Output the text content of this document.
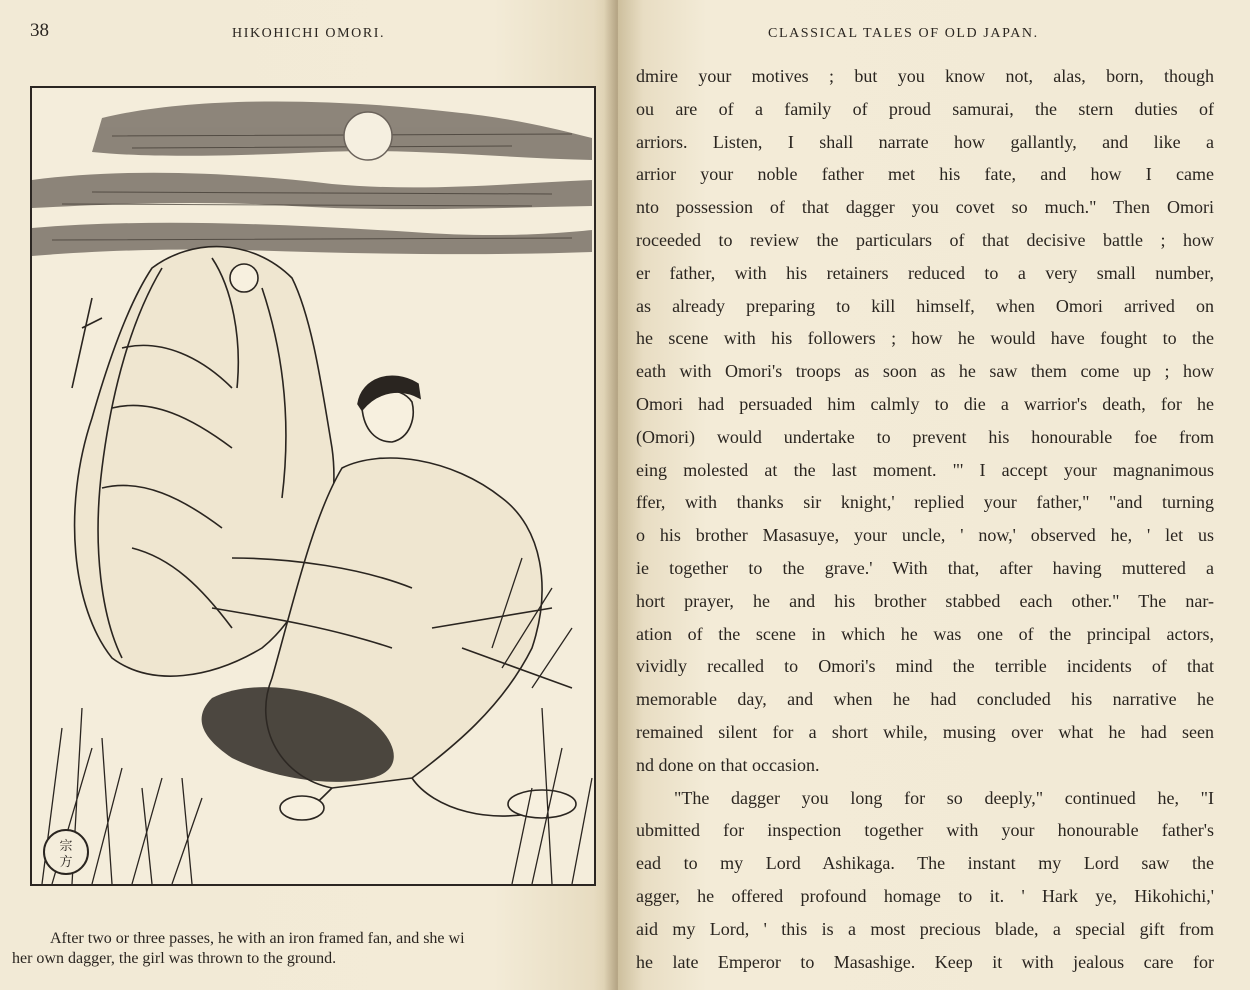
38	HIKOHICHI OMORI.
宗
方
After two or three passes, he with an iron framed fan, and she wi
her own dagger, the girl was thrown to the ground.
CLASSICAL TALES OF OLD JAPAN.
dmire your motives ; but you know not, alas, born, though
ou are of a family of proud samurai, the stern duties of
arriors. Listen, I shall narrate how gallantly, and like a
arrior your noble father met his fate, and how I came
nto possession of that dagger you covet so much." Then Omori
roceeded to review the particulars of that decisive battle ; how
er father, with his retainers reduced to a very small number,
as already preparing to kill himself, when Omori arrived on
he scene with his followers ; how he would have fought to the
eath with Omori's troops as soon as he saw them come up ; how
Omori had persuaded him calmly to die a warrior's death, for he
(Omori) would undertake to prevent his honourable foe from
eing molested at the last moment. "' I accept your magnanimous
ffer, with thanks sir knight,' replied your father," "and turning
o his brother Masasuye, your uncle, ' now,' observed he, ' let us
ie together to the grave.' With that, after having muttered a
hort prayer, he and his brother stabbed each other." The nar-
ation of the scene in which he was one of the principal actors,
vividly recalled to Omori's mind the terrible incidents of that
memorable day, and when he had concluded his narrative he
remained silent for a short while, musing over what he had seen
nd done on that occasion.
"The dagger you long for so deeply," continued he, "I
ubmitted for inspection together with your honourable father's
ead to my Lord Ashikaga. The instant my Lord saw the
agger, he offered profound homage to it. ' Hark ye, Hikohichi,'
aid my Lord, ' this is a most precious blade, a special gift from
he late Emperor to Masashige. Keep it with jealous care for
